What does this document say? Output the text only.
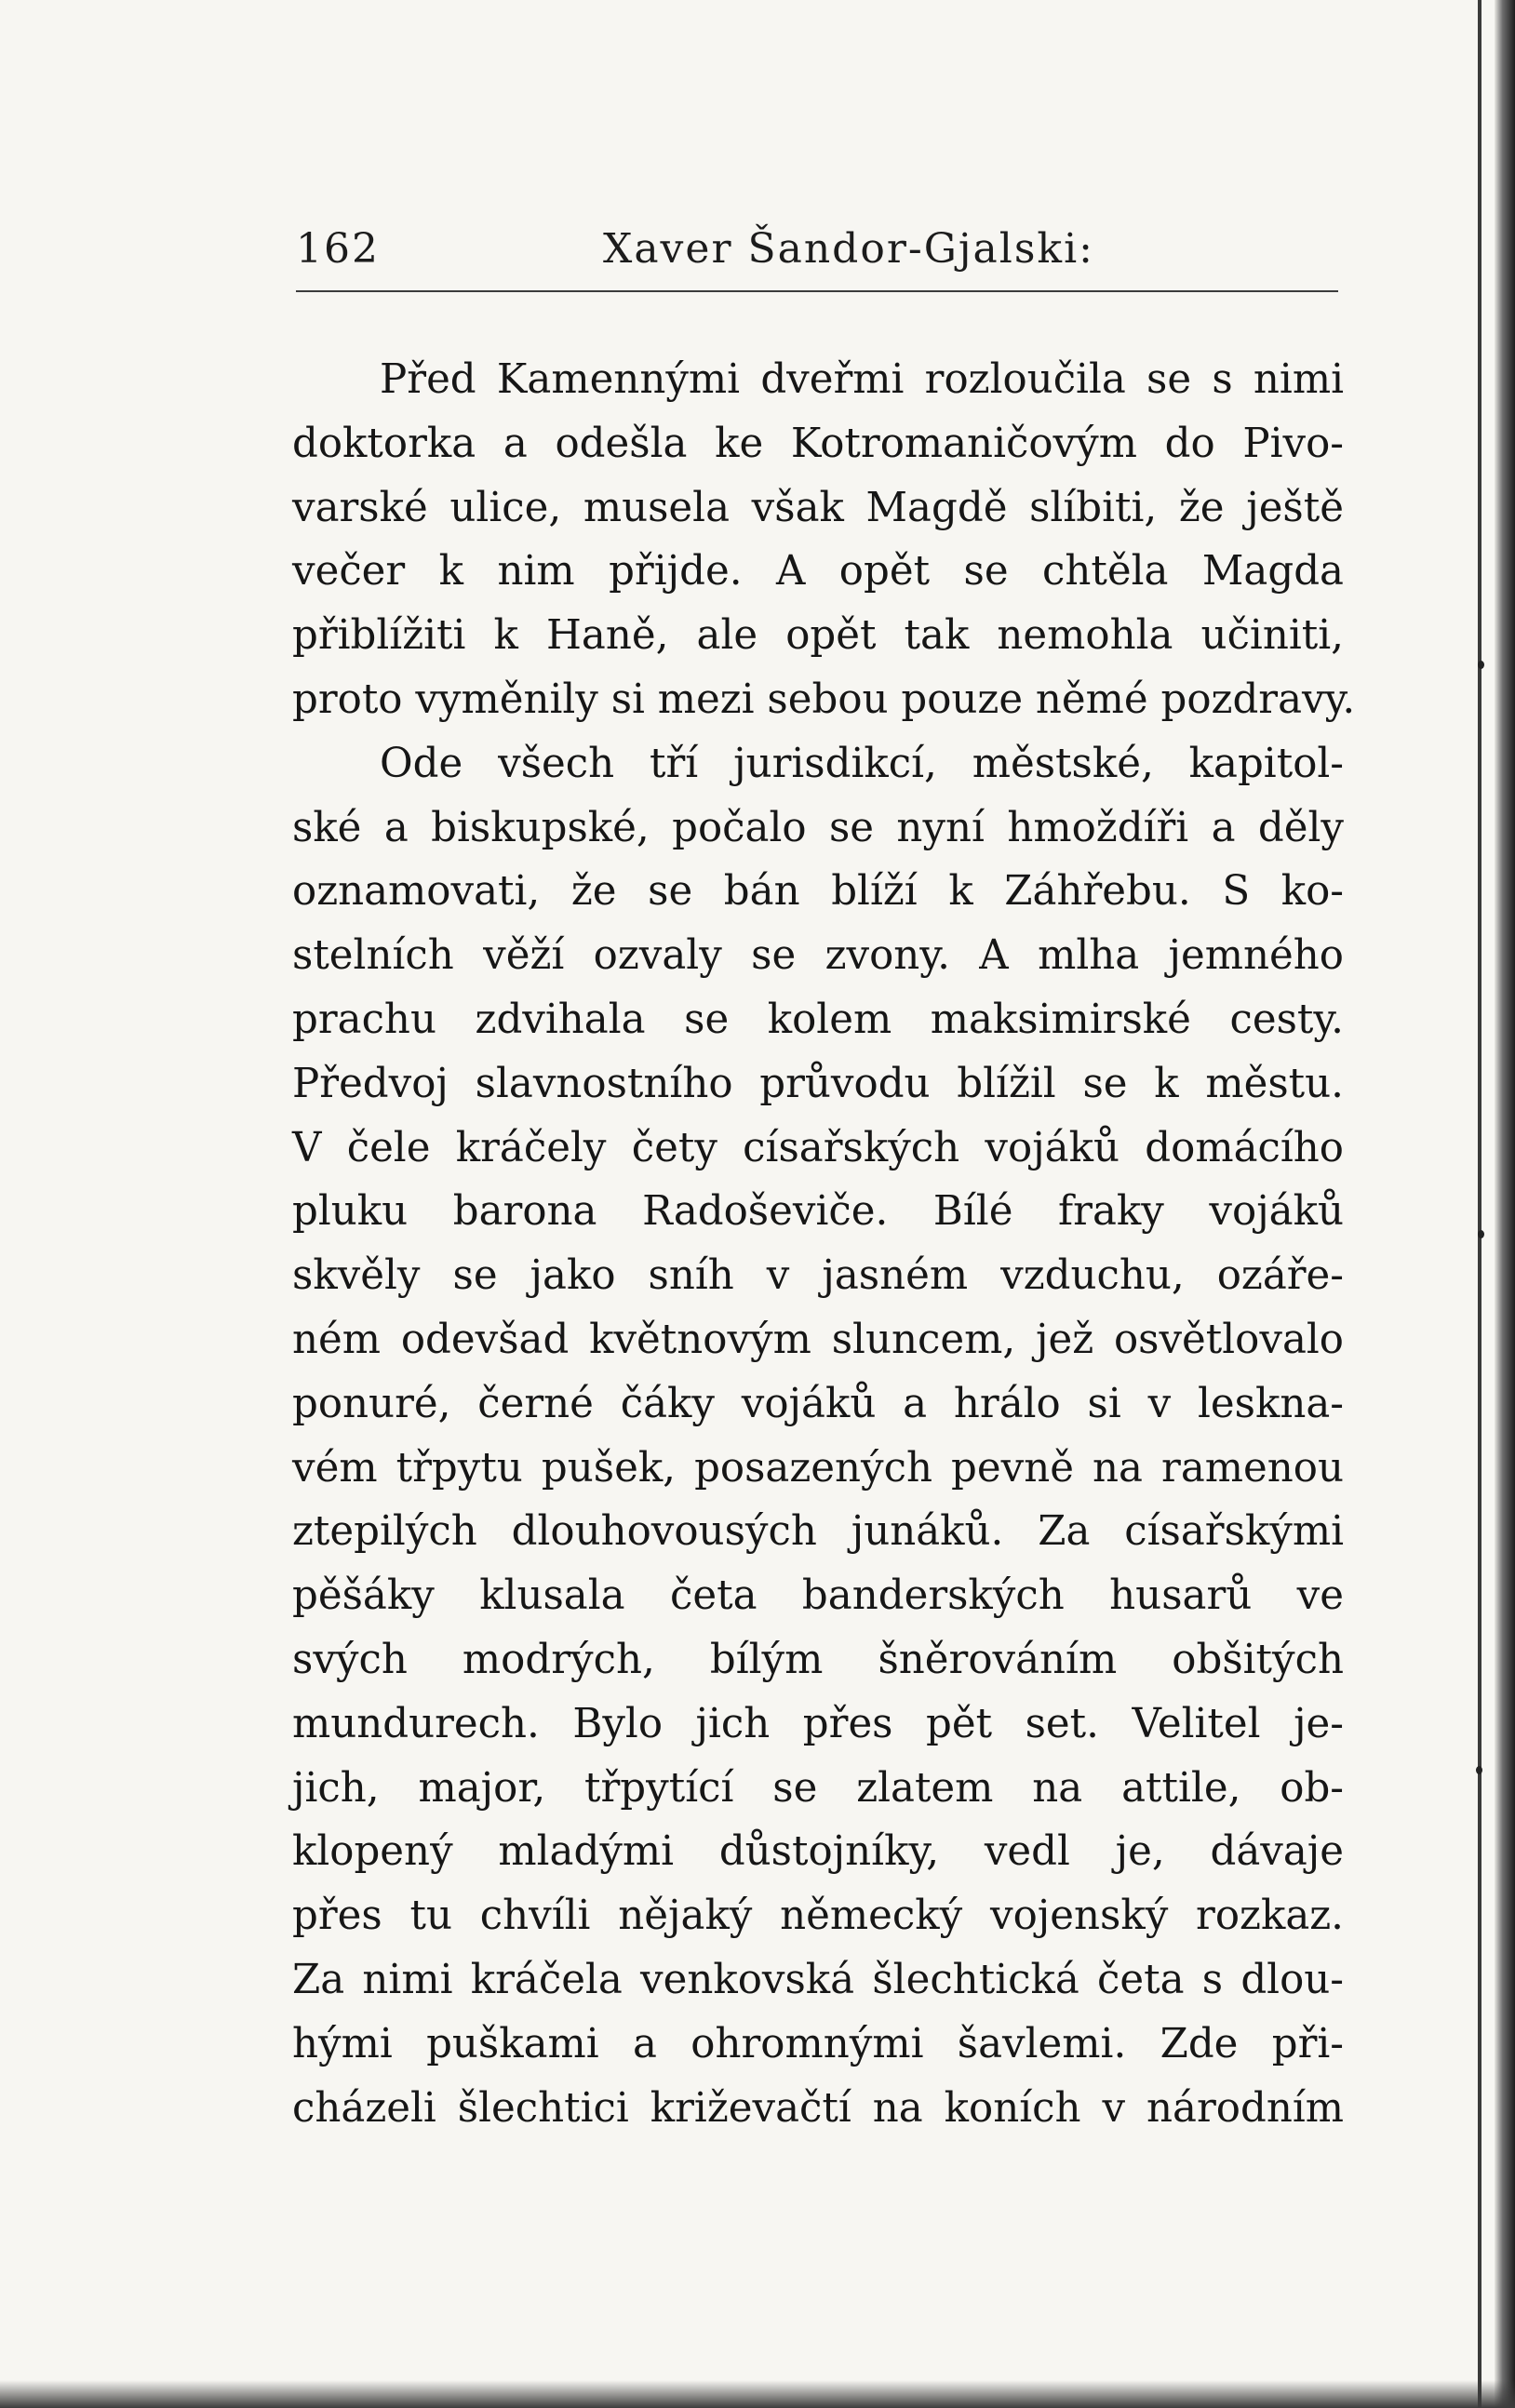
162	Xaver Šandor-Gjalski:
Před Kamennými dveřmi rozloučila se s nimi
doktorka a odešla ke Kotromaničovým do Pivo-
varské ulice, musela však Magdě slíbiti, že ještě
večer k nim přijde. A opět se chtěla Magda
přiblížiti k Haně, ale opět tak nemohla učiniti,
proto vyměnily si mezi sebou pouze němé pozdravy.
Ode všech tří jurisdikcí, městské, kapitol-
ské a biskupské, počalo se nyní hmoždíři a děly
oznamovati, že se bán blíží k Záhřebu. S ko-
stelních věží ozvaly se zvony. A mlha jemného
prachu zdvihala se kolem maksimirské cesty.
Předvoj slavnostního průvodu blížil se k městu.
V čele kráčely čety císařských vojáků domácího
pluku barona Radoševiče. Bílé fraky vojáků
skvěly se jako sníh v jasném vzduchu, ozáře-
ném odevšad květnovým sluncem, jež osvětlovalo
ponuré, černé čáky vojáků a hrálo si v leskna-
vém třpytu pušek, posazených pevně na ramenou
ztepilých dlouhovousých junáků. Za císařskými
pěšáky klusala četa banderských husarů ve
svých modrých, bílým šněrováním obšitých
mundurech. Bylo jich přes pět set. Velitel je-
jich, major, třpytící se zlatem na attile, ob-
klopený mladými důstojníky, vedl je, dávaje
přes tu chvíli nějaký německý vojenský rozkaz.
Za nimi kráčela venkovská šlechtická četa s dlou-
hými puškami a ohromnými šavlemi. Zde při-
cházeli šlechtici križevačtí na koních v národním
